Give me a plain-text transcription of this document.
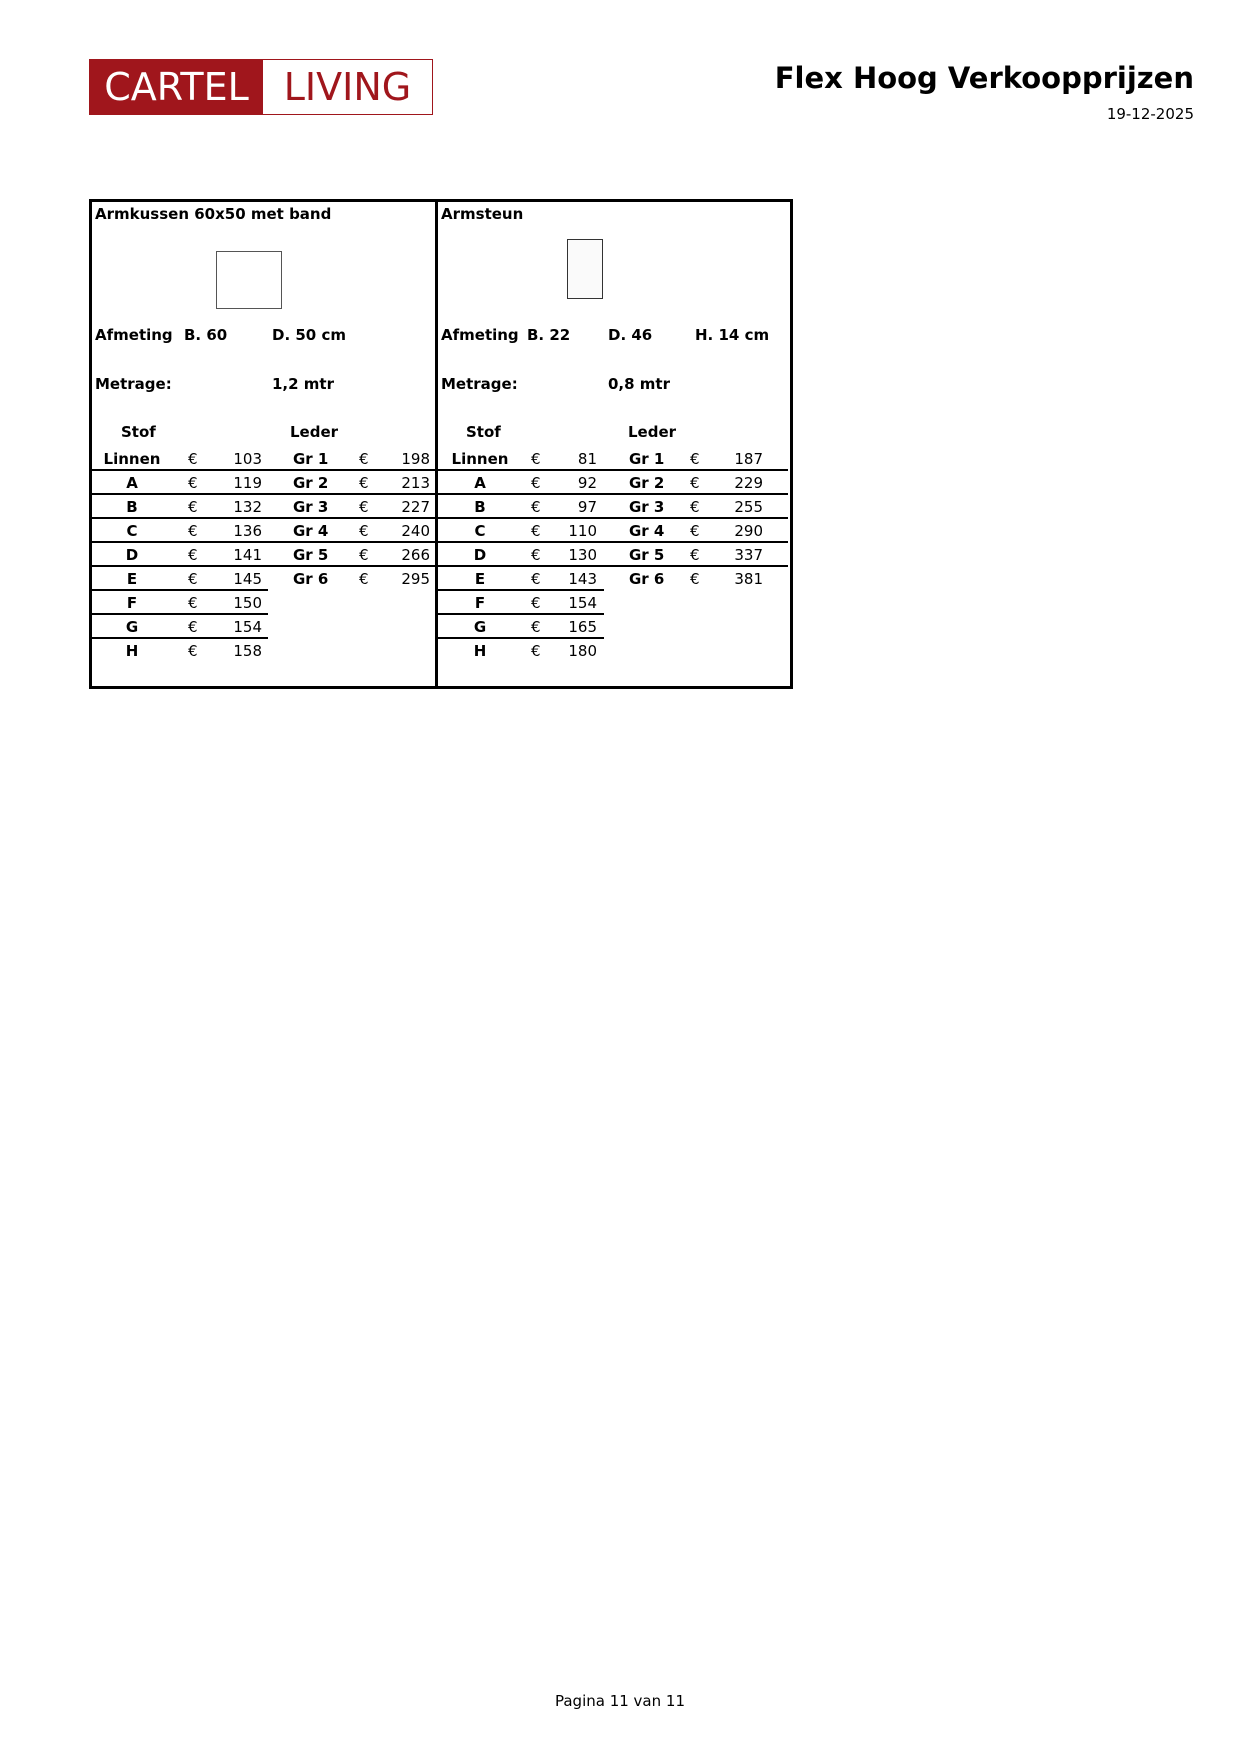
CARTEL LIVING	Flex Hoog Verkoopprijzen
19-12-2025
Armkussen 60x50 met band
Afmeting B. 60	D. 50 cm
Metrage:	1,2 mtr
Stof	Leder
Linnen	€	103 Gr 1 €	198
A	€	119 Gr 2 €	213
B	€	132 Gr 3 €	227
C	€	136 Gr 4 €	240
D	€	141 Gr 5 €	266
E	€	145 Gr 6 €	295
F	€	150
G	€	154
H	€	158
Armsteun
Afmeting B. 22	D. 46	H. 14 cm
Metrage:	0,8 mtr
Stof	Leder
Linnen	€	81 Gr 1 €	187
A	€	92 Gr 2 €	229
B	€	97 Gr 3 €	255
C	€	110 Gr 4 €	290
D	€	130 Gr 5 €	337
E	€	143 Gr 6 €	381
F	€	154
G	€	165
H	€	180
Pagina 11 van 11
